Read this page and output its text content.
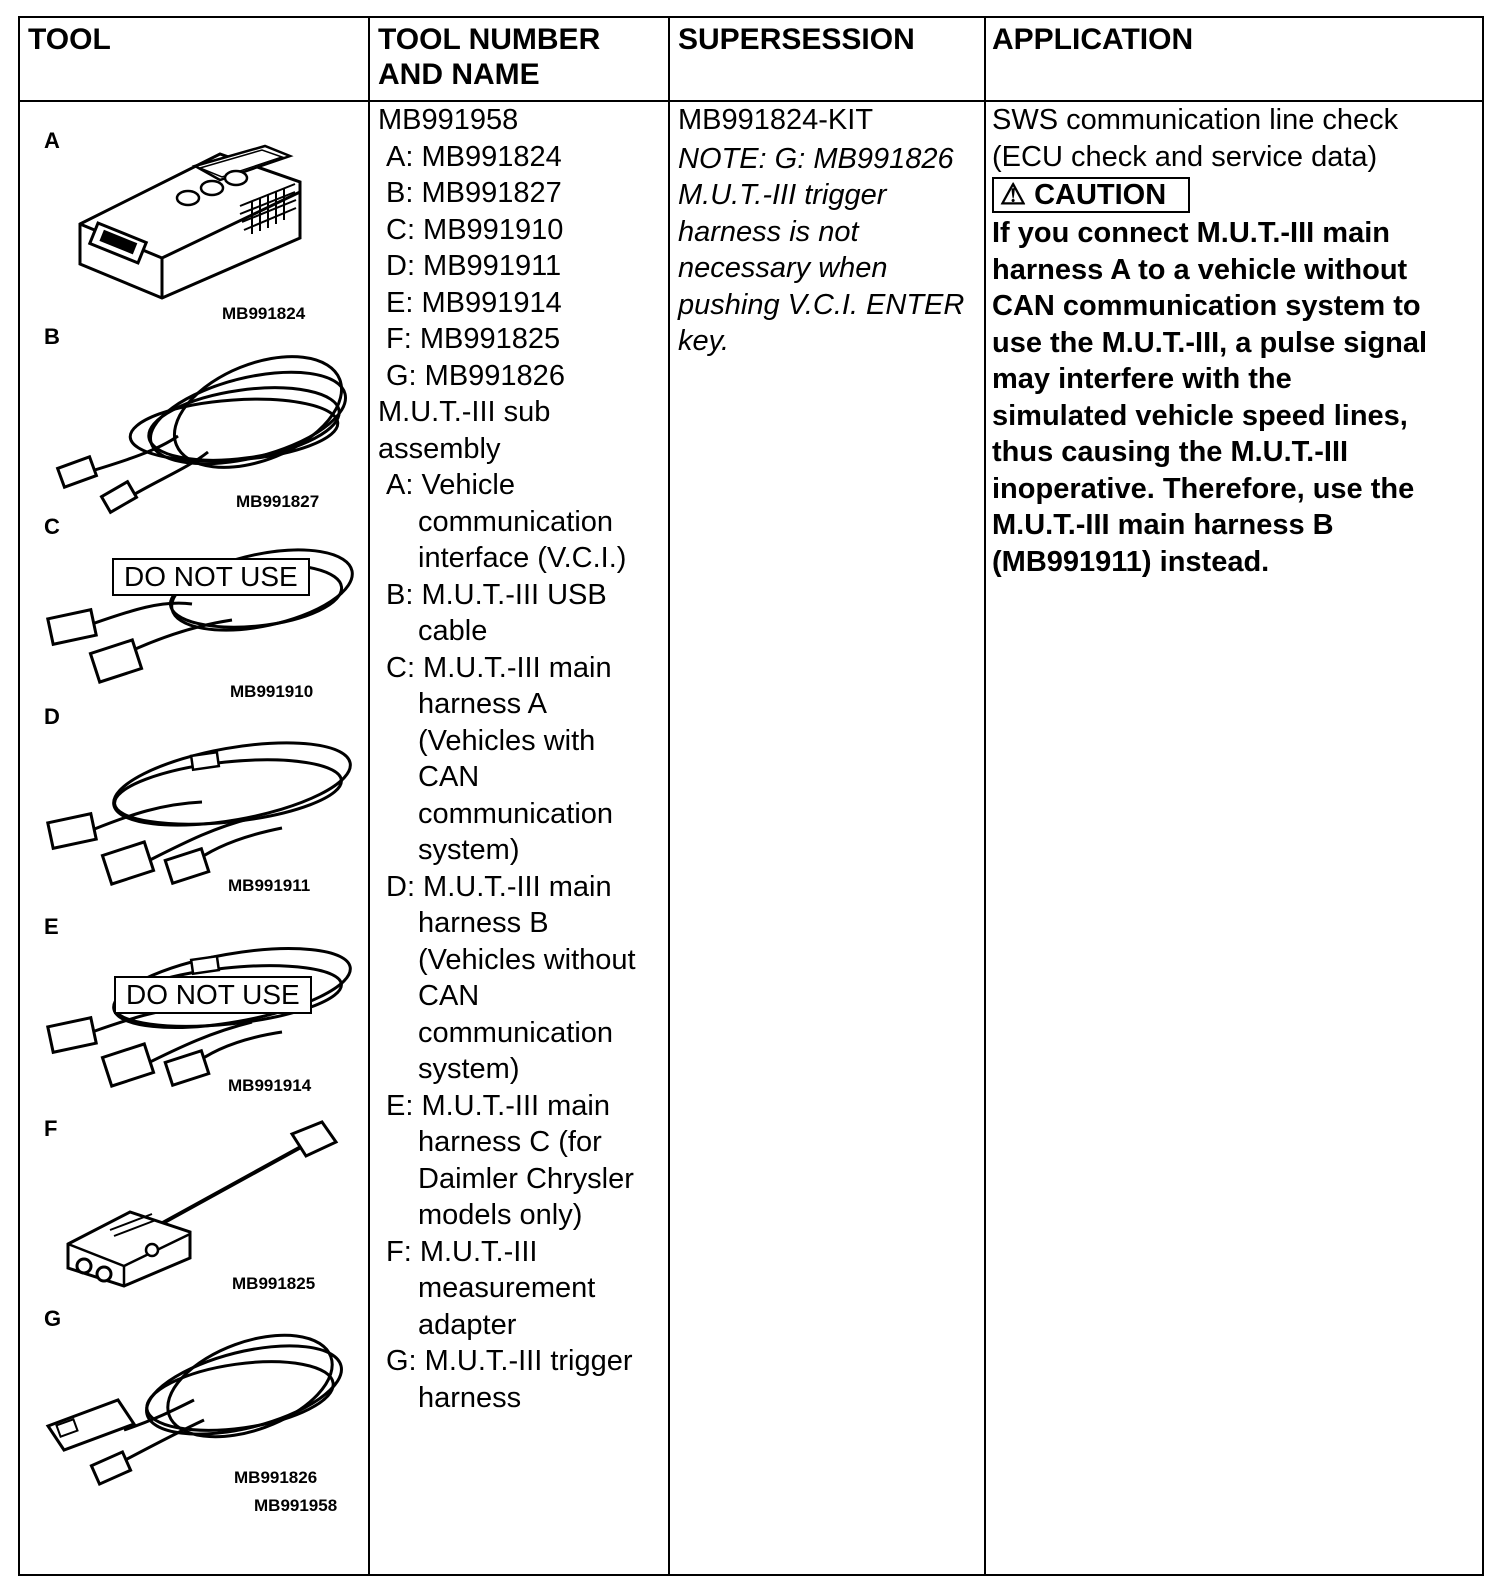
TOOL	TOOL NUMBER
AND NAME
SUPERSESSION	APPLICATION
A
MB991824
B
MB991827
C
DO NOT USE
MB991910
D
MB991911
E
DO NOT USE
MB991914
F
MB991825
G
MB991826
MB991958
MB991958
A: MB991824
B: MB991827
C: MB991910
D: MB991911
E: MB991914
F: MB991825
G: MB991826
M.U.T.-III sub
assembly
A: Vehicle
communication
interface (V.C.I.)
B: M.U.T.-III USB
cable
C: M.U.T.-III main
harness A
(Vehicles with
CAN
communication
system)
D: M.U.T.-III main
harness B
(Vehicles without
CAN
communication
system)
E: M.U.T.-III main
harness C (for
Daimler Chrysler
models only)
F: M.U.T.-III
measurement
adapter
G: M.U.T.-III trigger
harness
MB991824-KIT
NOTE: G: MB991826
M.U.T.-III trigger
harness is not
necessary when
pushing V.C.I. ENTER
key.
SWS communication line check
(ECU check and service data)
⚠ CAUTION
If you connect M.U.T.-III main
harness A to a vehicle without
CAN communication system to
use the M.U.T.-III, a pulse signal
may interfere with the
simulated vehicle speed lines,
thus causing the M.U.T.-III
inoperative. Therefore, use the
M.U.T.-III main harness B
(MB991911) instead.
